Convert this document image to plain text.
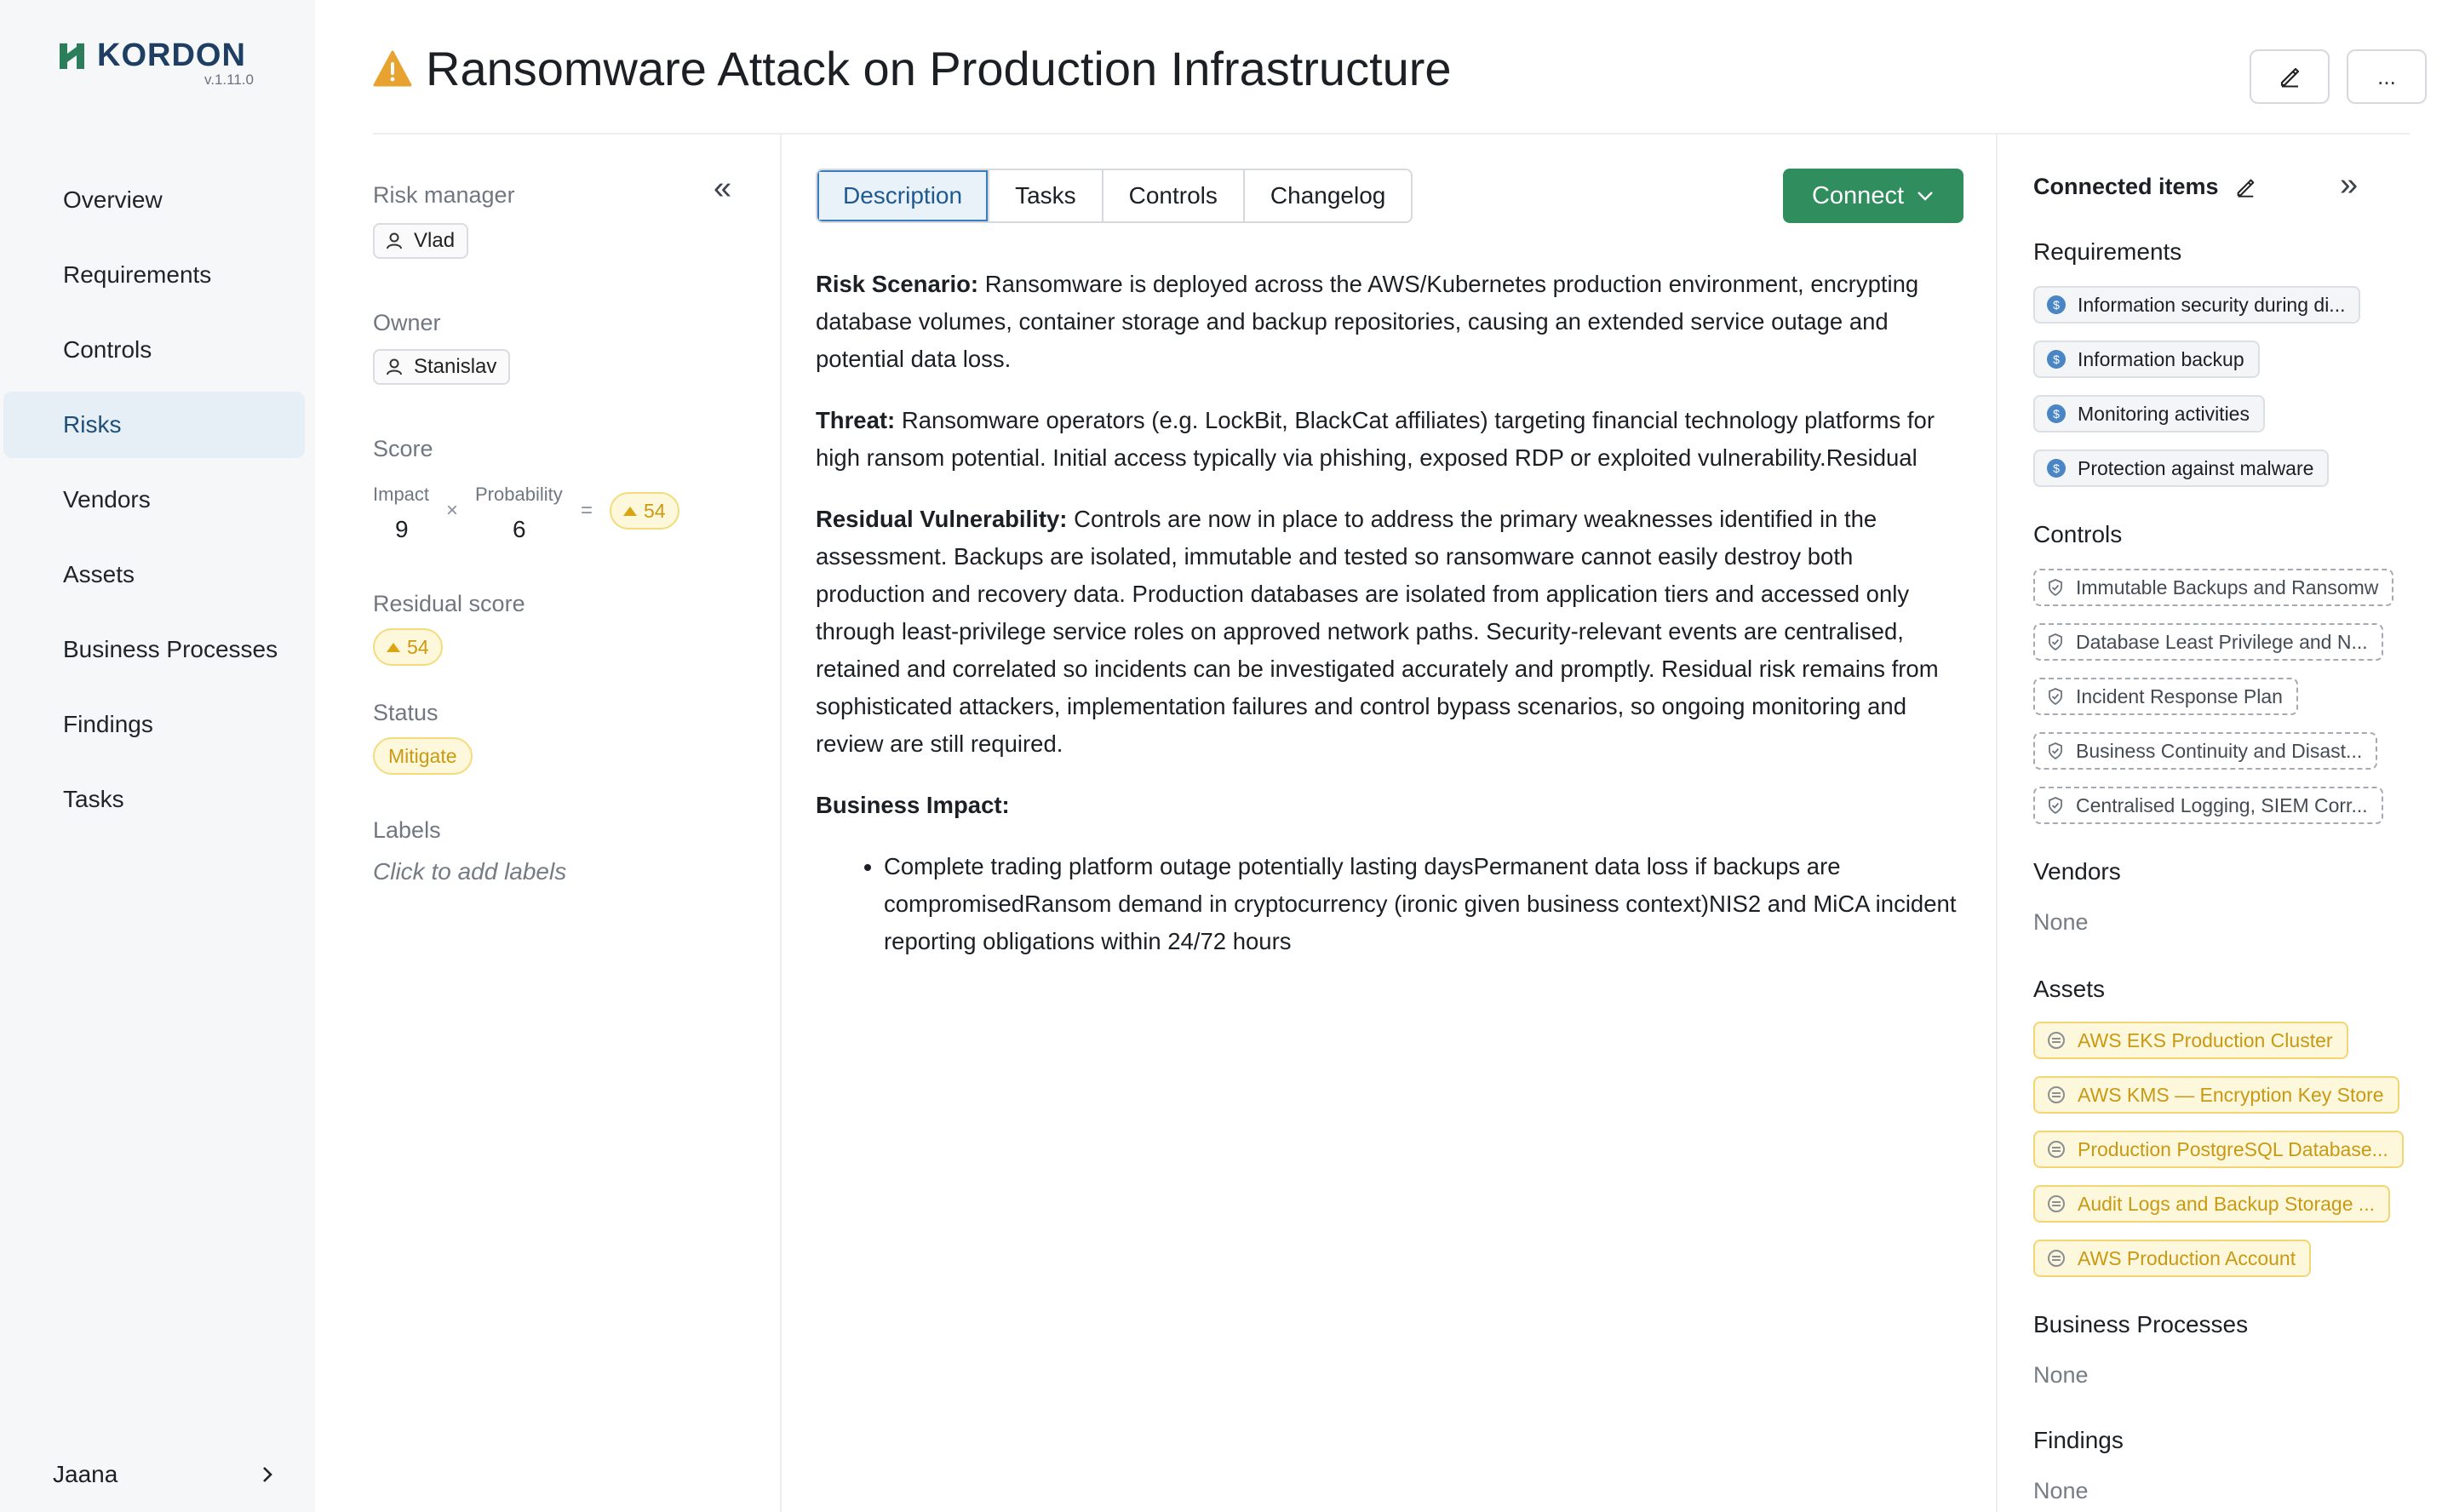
KORDON
v.1.11.0
Overview
Requirements
Controls
Risks
Vendors
Assets
Business Processes
Findings
Tasks
Jaana
Ransomware Attack on Production Infrastructure	...
«
Risk manager
Vlad
Owner
Stanislav
Score
Impact
9
×
Probability
6
=	54
Residual score
54
Status
Mitigate
Labels
Click to add labels
Description	Tasks	Controls	Changelog	Connect

Risk Scenario: Ransomware is deployed across the AWS/Kubernetes production environment, encrypting database volumes, container storage and backup repositories, causing an extended service outage and potential data loss.

Threat: Ransomware operators (e.g. LockBit, BlackCat affiliates) targeting financial technology platforms for high ransom potential. Initial access typically via phishing, exposed RDP or exploited vulnerability.Residual

Residual Vulnerability: Controls are now in place to address the primary weaknesses identified in the assessment. Backups are isolated, immutable and tested so ransomware cannot easily destroy both production and recovery data. Production databases are isolated from application tiers and accessed only through least-privilege service roles on approved network paths. Security-relevant events are centralised, retained and correlated so incidents can be investigated accurately and promptly. Residual risk remains from sophisticated attackers, implementation failures and control bypass scenarios, so ongoing monitoring and review are still required.

Business Impact:

• Complete trading platform outage potentially lasting daysPermanent data loss if backups are compromisedRansom demand in cryptocurrency (ironic given business context)NIS2 and MiCA incident reporting obligations within 24/72 hours
Connected items	»
Requirements
$ Information security during di...
$ Information backup
$ Monitoring activities
$ Protection against malware
Controls
Immutable Backups and Ransomw
Database Least Privilege and N...
Incident Response Plan
Business Continuity and Disast...
Centralised Logging, SIEM Corr...
Vendors
None
Assets
AWS EKS Production Cluster
AWS KMS — Encryption Key Store
Production PostgreSQL Database...
Audit Logs and Backup Storage ...
AWS Production Account
Business Processes
None
Findings
None
